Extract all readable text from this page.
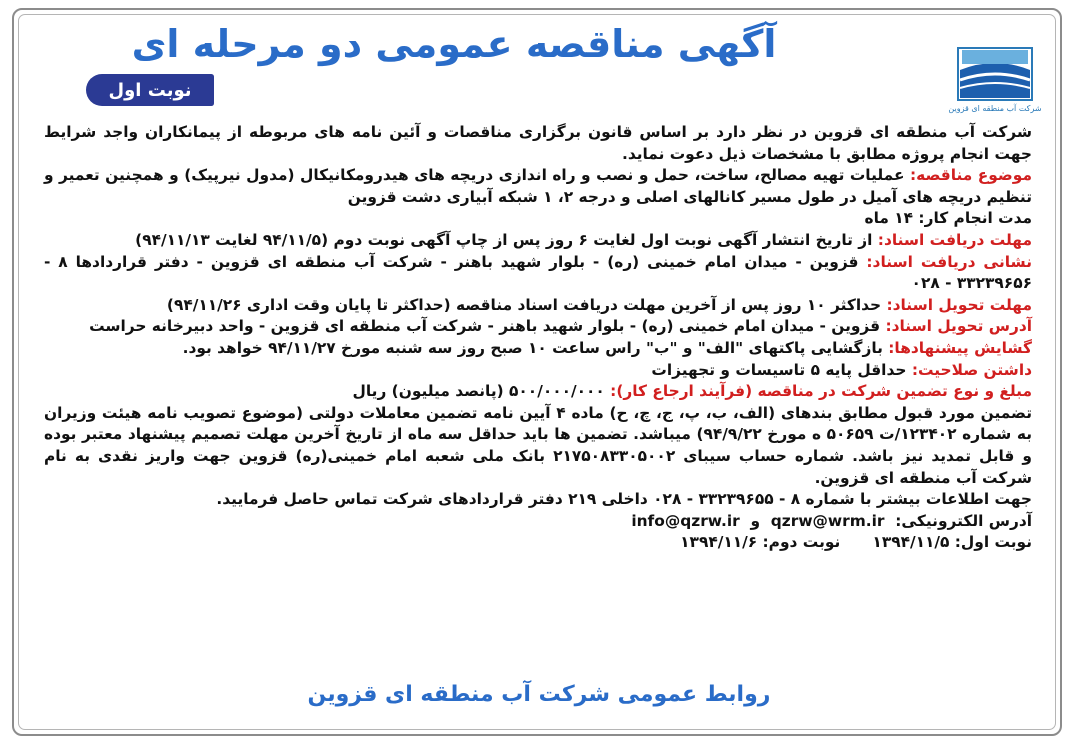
شرکت آب منطقه ای قزوین
آگهی مناقصه عمومی دو مرحله ای
نوبت اول

شرکت آب منطقه ای قزوین در نظر دارد بر اساس قانون برگزاری مناقصات و آئین نامه های مربوطه از پیمانکاران واجد شرایط جهت انجام پروژه مطابق با مشخصات ذیل دعوت نماید.

موضوع مناقصه: عملیات تهیه مصالح، ساخت، حمل و نصب و راه اندازی دریچه های هیدرومکانیکال (مدول نیرپیک) و همچنین تعمیر و تنظیم دریچه های آمیل در طول مسیر کانالهای اصلی و درجه ۲، ۱ شبکه آبیاری دشت قزوین

مدت انجام کار: ۱۴ ماه

مهلت دریافت اسناد: از تاریخ انتشار آگهی نوبت اول لغایت ۶ روز پس از چاپ آگهی نوبت دوم (۹۴/۱۱/۵ لغایت ۹۴/۱۱/۱۳)

نشانی دریافت اسناد: قزوین - میدان امام خمینی (ره) - بلوار شهید باهنر - شرکت آب منطقه ای قزوین - دفتر قراردادها ۸ - ۳۳۲۳۹۶۵۶ - ۰۲۸

مهلت تحویل اسناد: حداکثر ۱۰ روز پس از آخرین مهلت دریافت اسناد مناقصه (حداکثر تا پایان وقت اداری ۹۴/۱۱/۲۶)

آدرس تحویل اسناد: قزوین - میدان امام خمینی (ره) - بلوار شهید باهنر - شرکت آب منطقه ای قزوین - واحد دبیرخانه حراست

گشایش پیشنهادها: بازگشایی پاکتهای "الف" و "ب" راس ساعت ۱۰ صبح روز سه شنبه مورخ ۹۴/۱۱/۲۷ خواهد بود.

داشتن صلاحیت: حداقل پایه ۵ تاسیسات و تجهیزات

مبلغ و نوع تضمین شرکت در مناقصه (فرآیند ارجاع کار): ۵۰۰/۰۰۰/۰۰۰ (پانصد میلیون) ریال

تضمین مورد قبول مطابق بندهای (الف، ب، پ، ج، چ، ح) ماده ۴ آیین نامه تضمین معاملات دولتی (موضوع تصویب نامه هیئت وزیران به شماره ۱۲۳۴۰۲/ت ۵۰۶۵۹ ه مورخ ۹۴/۹/۲۲) میباشد. تضمین ها باید حداقل سه ماه از تاریخ آخرین مهلت تصمیم پیشنهاد معتبر بوده و قابل تمدید نیز باشد. شماره حساب سیبای ۲۱۷۵۰۸۳۳۰۵۰۰۲ بانک ملی شعبه امام خمینی(ره) قزوین جهت واریز نقدی به نام شرکت آب منطقه ای قزوین.

جهت اطلاعات بیشتر با شماره ۸ - ۳۳۲۳۹۶۵۵ - ۰۲۸ داخلی ۲۱۹ دفتر قراردادهای شرکت تماس حاصل فرمایید.

آدرس الکترونیکی:  qzrw@wrm.ir  و  info@qzrw.ir

نوبت اول: ۱۳۹۴/۱۱/۵      نوبت دوم: ۱۳۹۴/۱۱/۶

روابط عمومی شرکت آب منطقه ای قزوین
